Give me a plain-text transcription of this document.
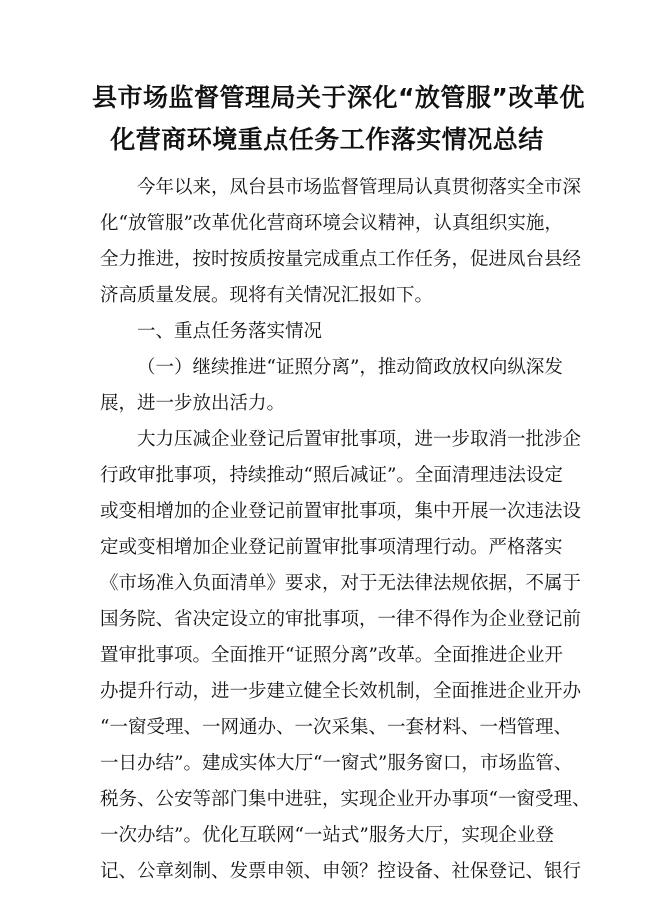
县市场监督管理局关于深化“放管服”改革优
化营商环境重点任务工作落实情况总结
今年以来，凤台县市场监督管理局认真贯彻落实全市深
化“放管服”改革优化营商环境会议精神，认真组织实施，
全力推进，按时按质按量完成重点工作任务，促进凤台县经
济高质量发展。现将有关情况汇报如下。
一、重点任务落实情况
（一）继续推进“证照分离”，推动简政放权向纵深发
展，进一步放出活力。
大力压减企业登记后置审批事项，进一步取消一批涉企
行政审批事项，持续推动“照后减证”。全面清理违法设定
或变相增加的企业登记前置审批事项，集中开展一次违法设
定或变相增加企业登记前置审批事项清理行动。严格落实
《市场准入负面清单》要求，对于无法律法规依据，不属于
国务院、省决定设立的审批事项，一律不得作为企业登记前
置审批事项。全面推开“证照分离”改革。全面推进企业开
办提升行动，进一步建立健全长效机制，全面推进企业开办
“一窗受理、一网通办、一次采集、一套材料、一档管理、
一日办结”。建成实体大厅“一窗式”服务窗口，市场监管、
税务、公安等部门集中进驻，实现企业开办事项“一窗受理、
一次办结”。优化互联网“一站式”服务大厅，实现企业登
记、公章刻制、发票申领、申领？控设备、社保登记、银行
